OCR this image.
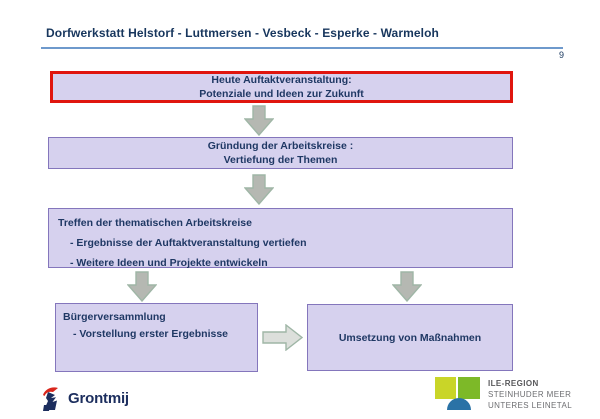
Dorfwerkstatt Helstorf - Luttmersen - Vesbeck - Esperke - Warmeloh
9
Heute Auftaktveranstaltung:
Potenziale und Ideen zur Zukunft
Gründung der Arbeitskreise :
Vertiefung der Themen
Treffen der thematischen Arbeitskreise
- Ergebnisse der Auftaktveranstaltung vertiefen
- Weitere Ideen und Projekte entwickeln
Bürgerversammlung
- Vorstellung erster Ergebnisse	Umsetzung von Maßnahmen
Grontmij
ILE-REGION
STEINHUDER MEER
UNTERES LEINETAL
